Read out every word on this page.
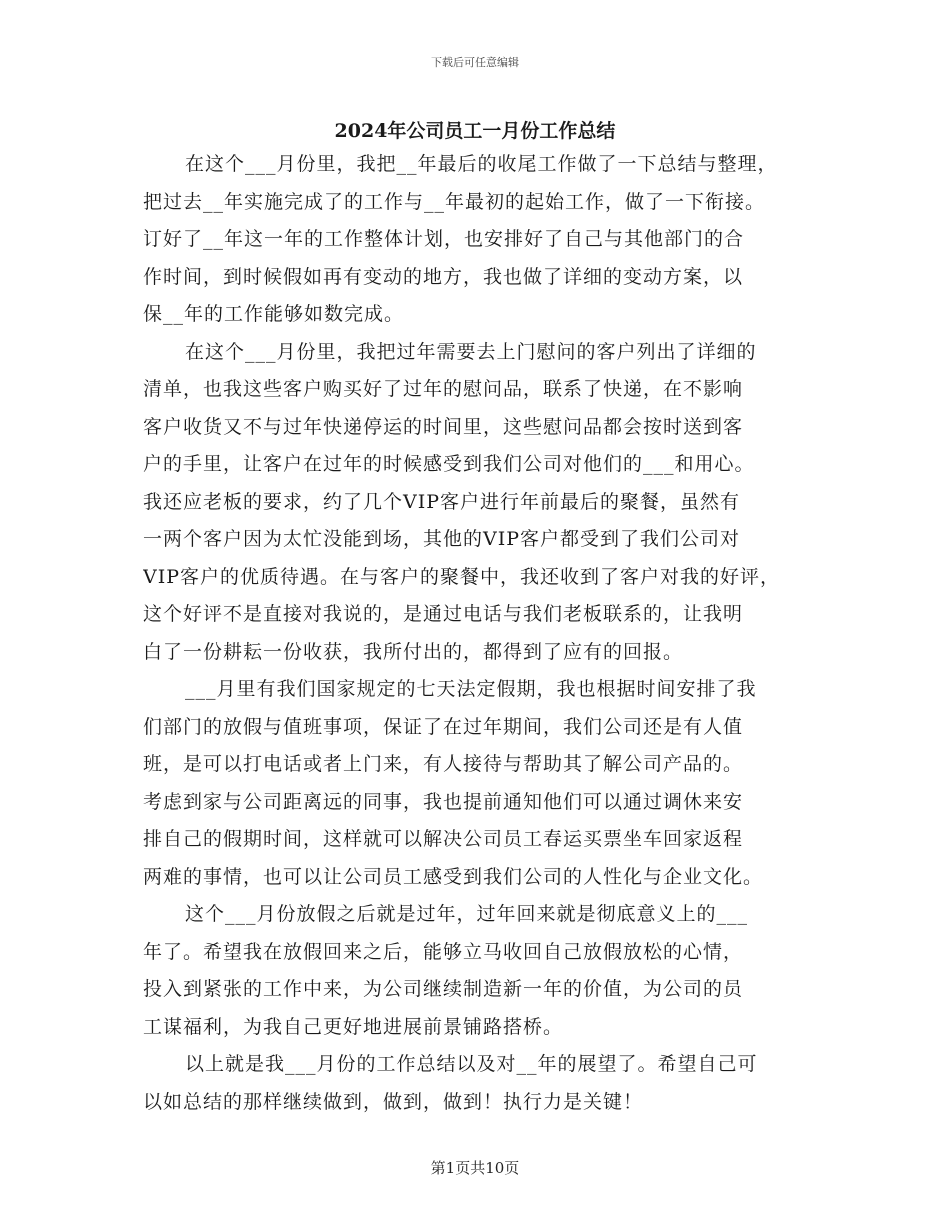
下载后可任意编辑
2024年公司员工一月份工作总结
在这个___月份里，我把__年最后的收尾工作做了一下总结与整理，
把过去__年实施完成了的工作与__年最初的起始工作，做了一下衔接。
订好了__年这一年的工作整体计划，也安排好了自己与其他部门的合
作时间，到时候假如再有变动的地方，我也做了详细的变动方案，以
保__年的工作能够如数完成。
在这个___月份里，我把过年需要去上门慰问的客户列出了详细的
清单，也我这些客户购买好了过年的慰问品，联系了快递，在不影响
客户收货又不与过年快递停运的时间里，这些慰问品都会按时送到客
户的手里，让客户在过年的时候感受到我们公司对他们的___和用心。
我还应老板的要求，约了几个VIP客户进行年前最后的聚餐，虽然有
一两个客户因为太忙没能到场，其他的VIP客户都受到了我们公司对
VIP客户的优质待遇。在与客户的聚餐中，我还收到了客户对我的好评，
这个好评不是直接对我说的，是通过电话与我们老板联系的，让我明
白了一份耕耘一份收获，我所付出的，都得到了应有的回报。
___月里有我们国家规定的七天法定假期，我也根据时间安排了我
们部门的放假与值班事项，保证了在过年期间，我们公司还是有人值
班，是可以打电话或者上门来，有人接待与帮助其了解公司产品的。
考虑到家与公司距离远的同事，我也提前通知他们可以通过调休来安
排自己的假期时间，这样就可以解决公司员工春运买票坐车回家返程
两难的事情，也可以让公司员工感受到我们公司的人性化与企业文化。
这个___月份放假之后就是过年，过年回来就是彻底意义上的___
年了。希望我在放假回来之后，能够立马收回自己放假放松的心情，
投入到紧张的工作中来，为公司继续制造新一年的价值，为公司的员
工谋福利，为我自己更好地进展前景铺路搭桥。
以上就是我___月份的工作总结以及对__年的展望了。希望自己可
以如总结的那样继续做到，做到，做到！执行力是关键！
第1页共10页
